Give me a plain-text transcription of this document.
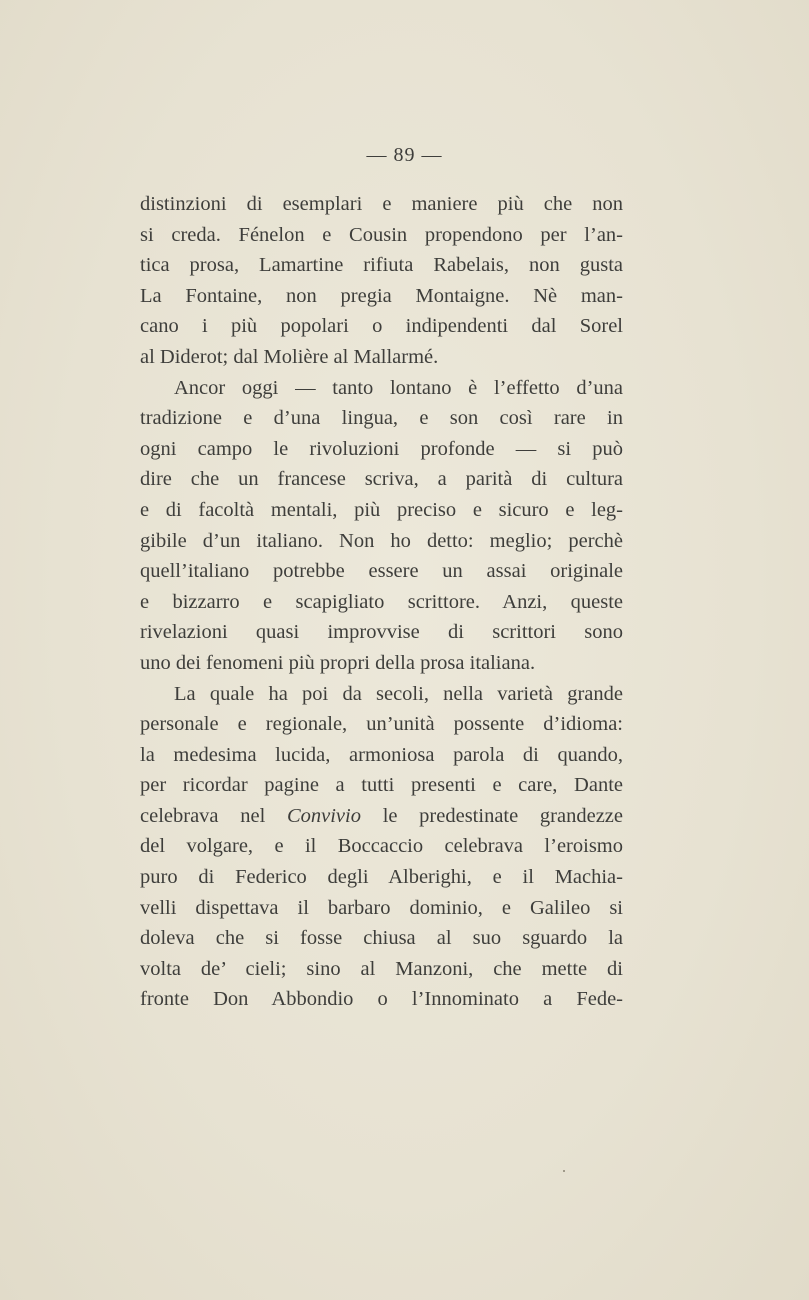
— 89 —
distinzioni di esemplari e maniere più che non
si creda. Fénelon e Cousin propendono per l’an-
tica prosa, Lamartine rifiuta Rabelais, non gusta
La Fontaine, non pregia Montaigne. Nè man-
cano i più popolari o indipendenti dal Sorel
al Diderot; dal Molière al Mallarmé.
Ancor oggi — tanto lontano è l’effetto d’una
tradizione e d’una lingua, e son così rare in
ogni campo le rivoluzioni profonde — si può
dire che un francese scriva, a parità di cultura
e di facoltà mentali, più preciso e sicuro e leg-
gibile d’un italiano. Non ho detto: meglio; perchè
quell’italiano potrebbe essere un assai originale
e bizzarro e scapigliato scrittore. Anzi, queste
rivelazioni quasi improvvise di scrittori sono
uno dei fenomeni più propri della prosa italiana.
La quale ha poi da secoli, nella varietà grande
personale e regionale, un’unità possente d’idioma:
la medesima lucida, armoniosa parola di quando,
per ricordar pagine a tutti presenti e care, Dante
celebrava nel Convivio le predestinate grandezze
del volgare, e il Boccaccio celebrava l’eroismo
puro di Federico degli Alberighi, e il Machia-
velli dispettava il barbaro dominio, e Galileo si
doleva che si fosse chiusa al suo sguardo la
volta de’ cieli; sino al Manzoni, che mette di
fronte Don Abbondio o l’Innominato a Fede-
